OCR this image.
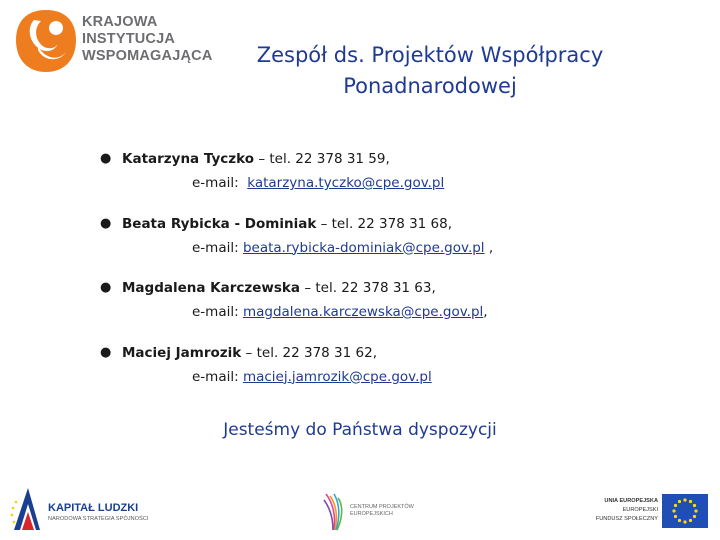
KRAJOWA
INSTYTUCJA
WSPOMAGAJĄCA	Zespół ds. Projektów Współpracy
Ponadnarodowej
● Katarzyna Tyczko – tel. 22 378 31 59,
e-mail:  katarzyna.tyczko@cpe.gov.pl
● Beata Rybicka - Dominiak – tel. 22 378 31 68,
e-mail: beata.rybicka-dominiak@cpe.gov.pl ,
● Magdalena Karczewska – tel. 22 378 31 63,
e-mail: magdalena.karczewska@cpe.gov.pl,
● Maciej Jamrozik – tel. 22 378 31 62,
e-mail: maciej.jamrozik@cpe.gov.pl
Jesteśmy do Państwa dyspozycji
KAPITAŁ LUDZKI
NARODOWA STRATEGIA SPÓJNOŚCI
CENTRUM PROJEKTÓW
EUROPEJSKICH
UNIA EUROPEJSKA
EUROPEJSKI
FUNDUSZ SPOŁECZNY
